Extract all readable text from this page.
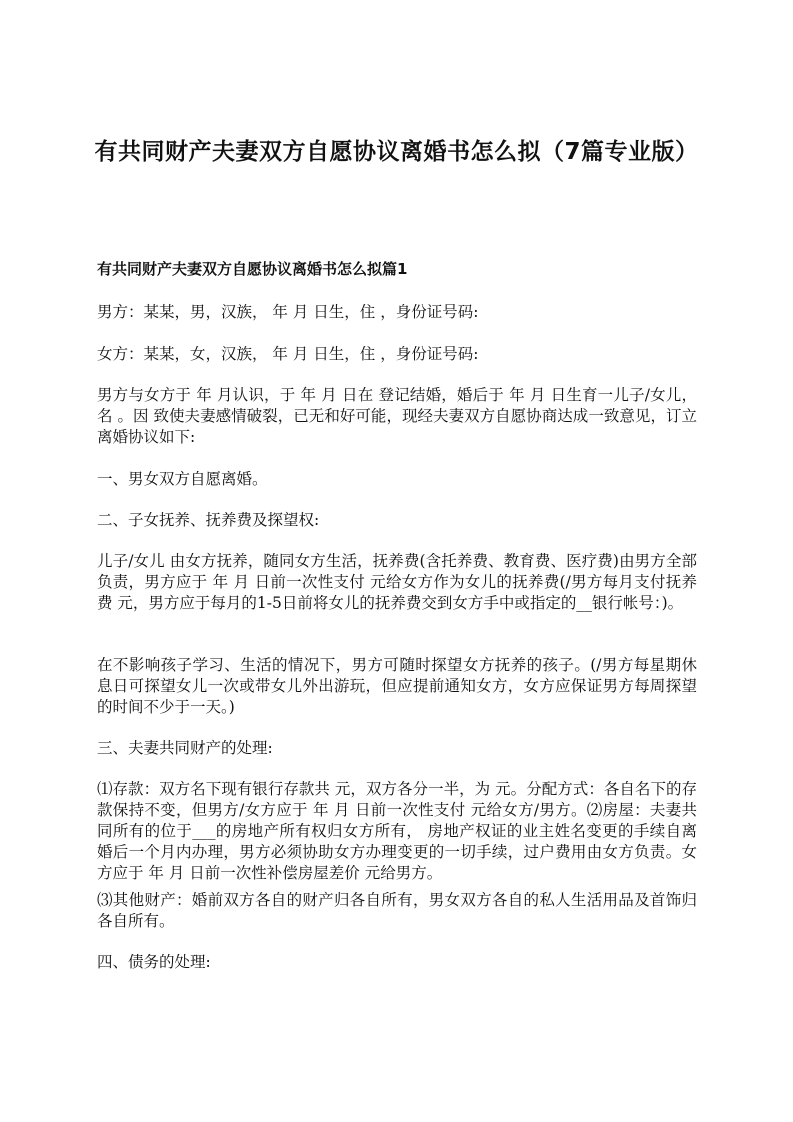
有共同财产夫妻双方自愿协议离婚书怎么拟（7篇专业版）
有共同财产夫妻双方自愿协议离婚书怎么拟篇1

男方：某某，男，汉族， 年 月 日生，住 ，身份证号码:

女方：某某，女，汉族， 年 月 日生，住 ，身份证号码:

男方与女方于 年 月认识，于 年 月 日在 登记结婚，婚后于 年 月 日生育一儿子/女儿，名 。因 致使夫妻感情破裂，已无和好可能，现经夫妻双方自愿协商达成一致意见，订立离婚协议如下:

一、男女双方自愿离婚。

二、子女抚养、抚养费及探望权:

儿子/女儿 由女方抚养，随同女方生活，抚养费(含托养费、教育费、医疗费)由男方全部负责，男方应于 年 月 日前一次性支付 元给女方作为女儿的抚养费(/男方每月支付抚养费 元，男方应于每月的1-5日前将女儿的抚养费交到女方手中或指定的__银行帐号：)。

在不影响孩子学习、生活的情况下，男方可随时探望女方抚养的孩子。(/男方每星期休息日可探望女儿一次或带女儿外出游玩，但应提前通知女方，女方应保证男方每周探望的时间不少于一天。)

三、夫妻共同财产的处理:

⑴存款：双方名下现有银行存款共 元，双方各分一半，为 元。分配方式：各自名下的存款保持不变，但男方/女方应于 年 月 日前一次性支付 元给女方/男方。⑵房屋：夫妻共同所有的位于___的房地产所有权归女方所有， 房地产权证的业主姓名变更的手续自离婚后一个月内办理，男方必须协助女方办理变更的一切手续，过户费用由女方负责。女方应于 年 月 日前一次性补偿房屋差价 元给男方。

⑶其他财产：婚前双方各自的财产归各自所有，男女双方各自的私人生活用品及首饰归各自所有。

四、债务的处理:
